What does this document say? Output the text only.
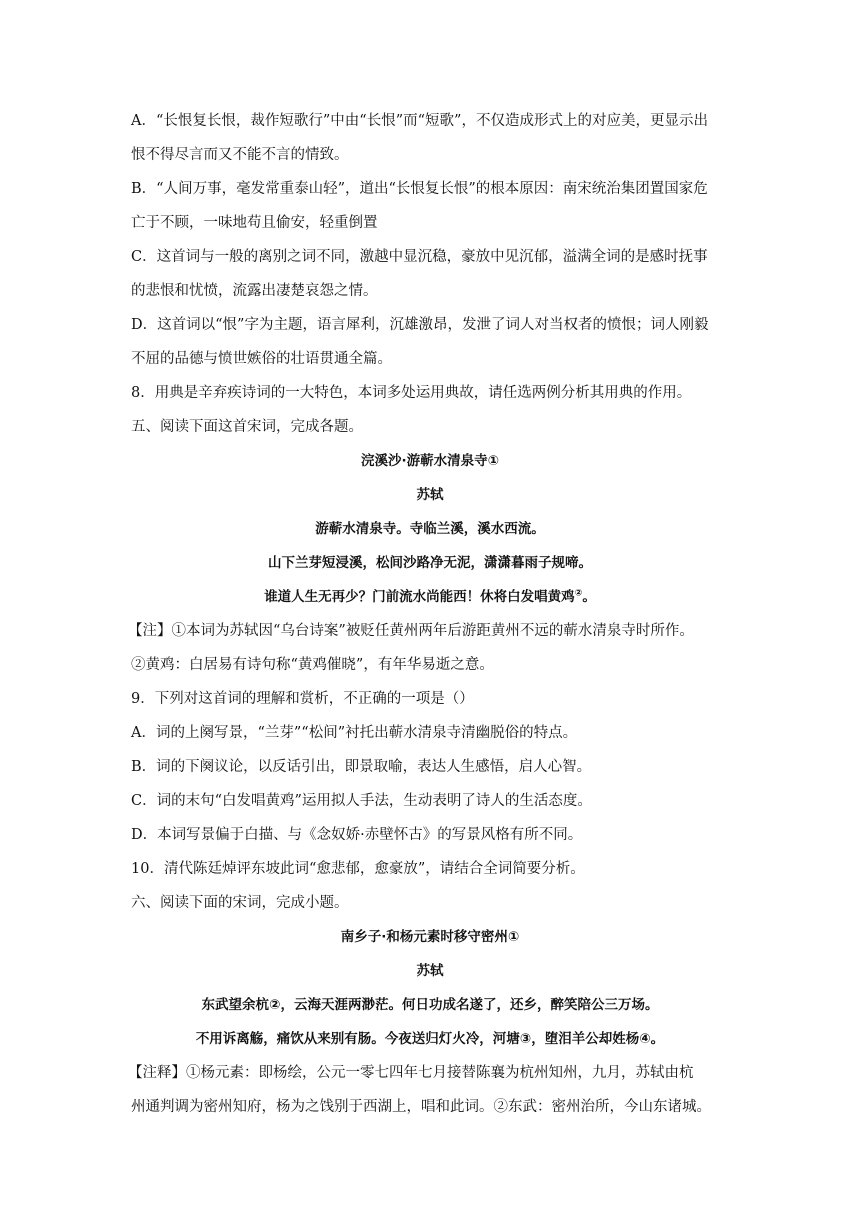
A．“长恨复长恨，裁作短歌行”中由“长恨”而“短歌”，不仅造成形式上的对应美，更显示出
恨不得尽言而又不能不言的情致。
B．“人间万事，毫发常重泰山轻”，道出“长恨复长恨”的根本原因：南宋统治集团置国家危
亡于不顾，一味地苟且偷安，轻重倒置
C．这首词与一般的离别之词不同，激越中显沉稳，豪放中见沉郁，溢满全词的是感时抚事
的悲恨和忧愤，流露出凄楚哀怨之情。
D．这首词以“恨”字为主题，语言犀利，沉雄激昂，发泄了词人对当权者的愤恨；词人刚毅
不屈的品德与愤世嫉俗的壮语贯通全篇。
8．用典是辛弃疾诗词的一大特色，本词多处运用典故，请任选两例分析其用典的作用。
五、阅读下面这首宋词，完成各题。
浣溪沙·游蕲水清泉寺①
苏轼
游蕲水清泉寺。寺临兰溪，溪水西流。
山下兰芽短浸溪，松间沙路净无泥，潇潇暮雨子规啼。
谁道人生无再少？门前流水尚能西！休将白发唱黄鸡②。
【注】①本词为苏轼因“乌台诗案”被贬任黄州两年后游距黄州不远的蕲水清泉寺时所作。
②黄鸡：白居易有诗句称“黄鸡催晓”，有年华易逝之意。
9．下列对这首词的理解和赏析，不正确的一项是（）
A．词的上阕写景，“兰芽”“松间”衬托出蕲水清泉寺清幽脱俗的特点。
B．词的下阕议论，以反话引出，即景取喻，表达人生感悟，启人心智。
C．词的末句“白发唱黄鸡”运用拟人手法，生动表明了诗人的生活态度。
D．本词写景偏于白描、与《念奴娇·赤壁怀古》的写景风格有所不同。
10．清代陈廷焯评东坡此词“愈悲郁，愈豪放”，请结合全词简要分析。
六、阅读下面的宋词，完成小题。
南乡子·和杨元素时移守密州①
苏轼
东武望余杭②，云海天涯两渺茫。何日功成名遂了，还乡，醉笑陪公三万场。
不用诉离觞，痛饮从来别有肠。今夜送归灯火冷，河塘③，堕泪羊公却姓杨④。
【注释】①杨元素：即杨绘，公元一零七四年七月接替陈襄为杭州知州，九月，苏轼由杭
州通判调为密州知府，杨为之饯别于西湖上，唱和此词。②东武：密州治所，今山东诸城。
